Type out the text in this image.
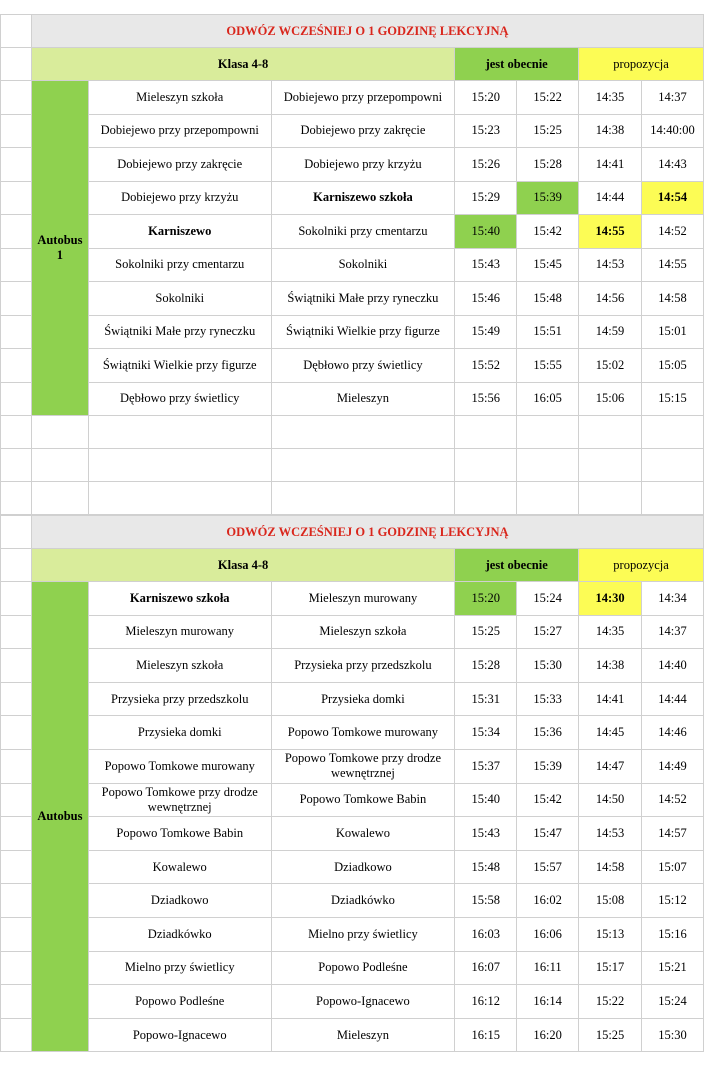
	ODWÓZ WCZEŚNIEJ O 1 GODZINĘ LEKCYJNĄ						
	Klasa 4-8			jest obecnie		propozycja	
	Autobus 1	Mieleszyn szkoła	Dobiejewo przy przepompowni	15:20	15:22	14:35	14:37
		Dobiejewo przy przepompowni	Dobiejewo przy zakręcie	15:23	15:25	14:38	14:40:00
		Dobiejewo przy zakręcie	Dobiejewo przy krzyżu	15:26	15:28	14:41	14:43
		Dobiejewo przy krzyżu	Karniszewo szkoła	15:29	15:39	14:44	14:54
		Karniszewo	Sokolniki przy cmentarzu	15:40	15:42	14:55	14:52
		Sokolniki przy cmentarzu	Sokolniki	15:43	15:45	14:53	14:55
		Sokolniki	Świątniki Małe przy ryneczku	15:46	15:48	14:56	14:58
		Świątniki Małe przy ryneczku	Świątniki Wielkie przy figurze	15:49	15:51	14:59	15:01
		Świątniki Wielkie przy figurze	Dębłowo przy świetlicy	15:52	15:55	15:02	15:05
		Dębłowo przy świetlicy	Mieleszyn	15:56	16:05	15:06	15:15

	ODWÓZ WCZEŚNIEJ O 1 GODZINĘ LEKCYJNĄ						
	Klasa 4-8			jest obecnie		propozycja	
	Autobus	Karniszewo szkoła	Mieleszyn murowany	15:20	15:24	14:30	14:34
		Mieleszyn murowany	Mieleszyn szkoła	15:25	15:27	14:35	14:37
		Mieleszyn szkoła	Przysieka przy przedszkolu	15:28	15:30	14:38	14:40
		Przysieka przy przedszkolu	Przysieka domki	15:31	15:33	14:41	14:44
		Przysieka domki	Popowo Tomkowe murowany	15:34	15:36	14:45	14:46
		Popowo Tomkowe murowany	Popowo Tomkowe przy drodze wewnętrznej	15:37	15:39	14:47	14:49
		Popowo Tomkowe przy drodze wewnętrznej	Popowo Tomkowe Babin	15:40	15:42	14:50	14:52
		Popowo Tomkowe Babin	Kowalewo	15:43	15:47	14:53	14:57
		Kowalewo	Dziadkowo	15:48	15:57	14:58	15:07
		Dziadkowo	Dziadkówko	15:58	16:02	15:08	15:12
		Dziadkówko	Mielno przy świetlicy	16:03	16:06	15:13	15:16
		Mielno przy świetlicy	Popowo Podleśne	16:07	16:11	15:17	15:21
		Popowo Podleśne	Popowo-Ignacewo	16:12	16:14	15:22	15:24
		Popowo-Ignacewo	Mieleszyn	16:15	16:20	15:25	15:30
